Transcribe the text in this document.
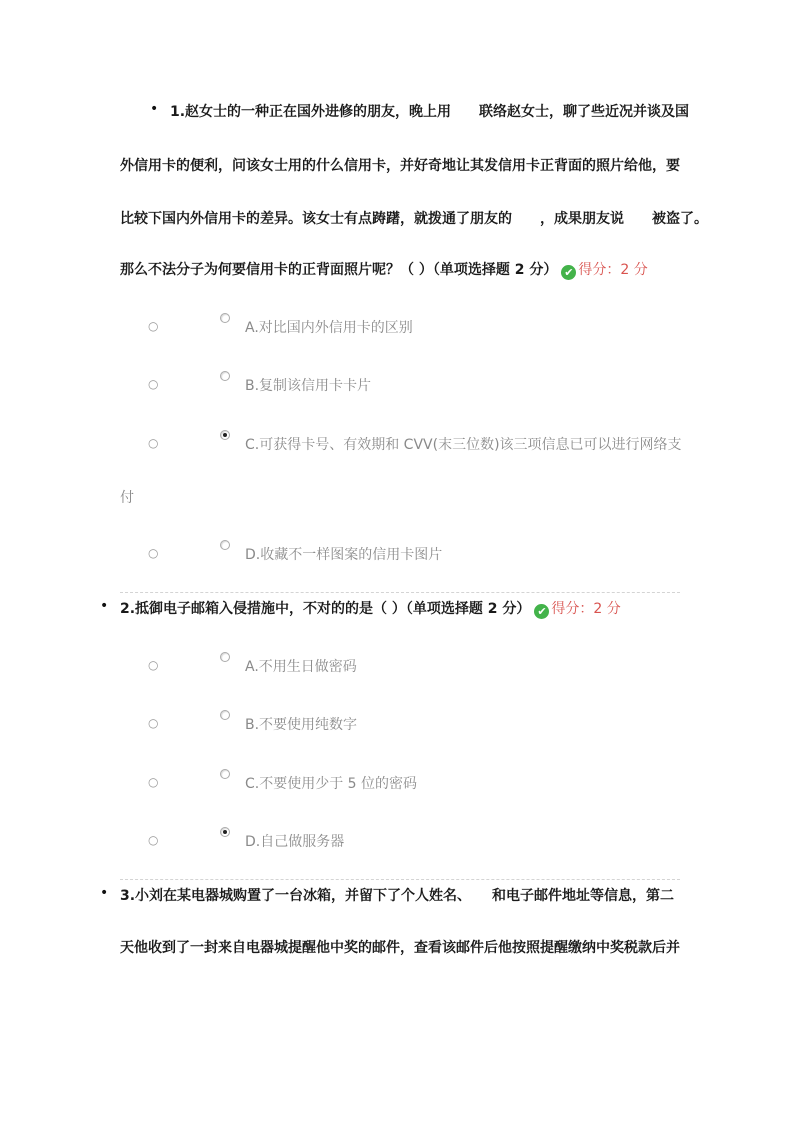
• 1.赵女士的一种正在国外进修的朋友，晚上用　　联络赵女士，聊了些近况并谈及国
外信用卡的便利，问该女士用的什么信用卡，并好奇地让其发信用卡正背面的照片给他，要
比较下国内外信用卡的差异。该女士有点踌躇，就拨通了朋友的　　，成果朋友说　　被盗了。
那么不法分子为何要信用卡的正背面照片呢？（ ）（单项选择题 2 分） ✔ 得分：2 分
○	A.对比国内外信用卡的区别
○	B.复制该信用卡卡片
○	C.可获得卡号、有效期和 CVV(末三位数)该三项信息已可以进行网络支
付
○	D.收藏不一样图案的信用卡图片
• 2.抵御电子邮箱入侵措施中，不对的的是（ ）（单项选择题 2 分） ✔ 得分：2 分
○	A.不用生日做密码
○	B.不要使用纯数字
○	C.不要使用少于 5 位的密码
○	D.自己做服务器
• 3.小刘在某电器城购置了一台冰箱，并留下了个人姓名、　　和电子邮件地址等信息，第二
天他收到了一封来自电器城提醒他中奖的邮件，查看该邮件后他按照提醒缴纳中奖税款后并
